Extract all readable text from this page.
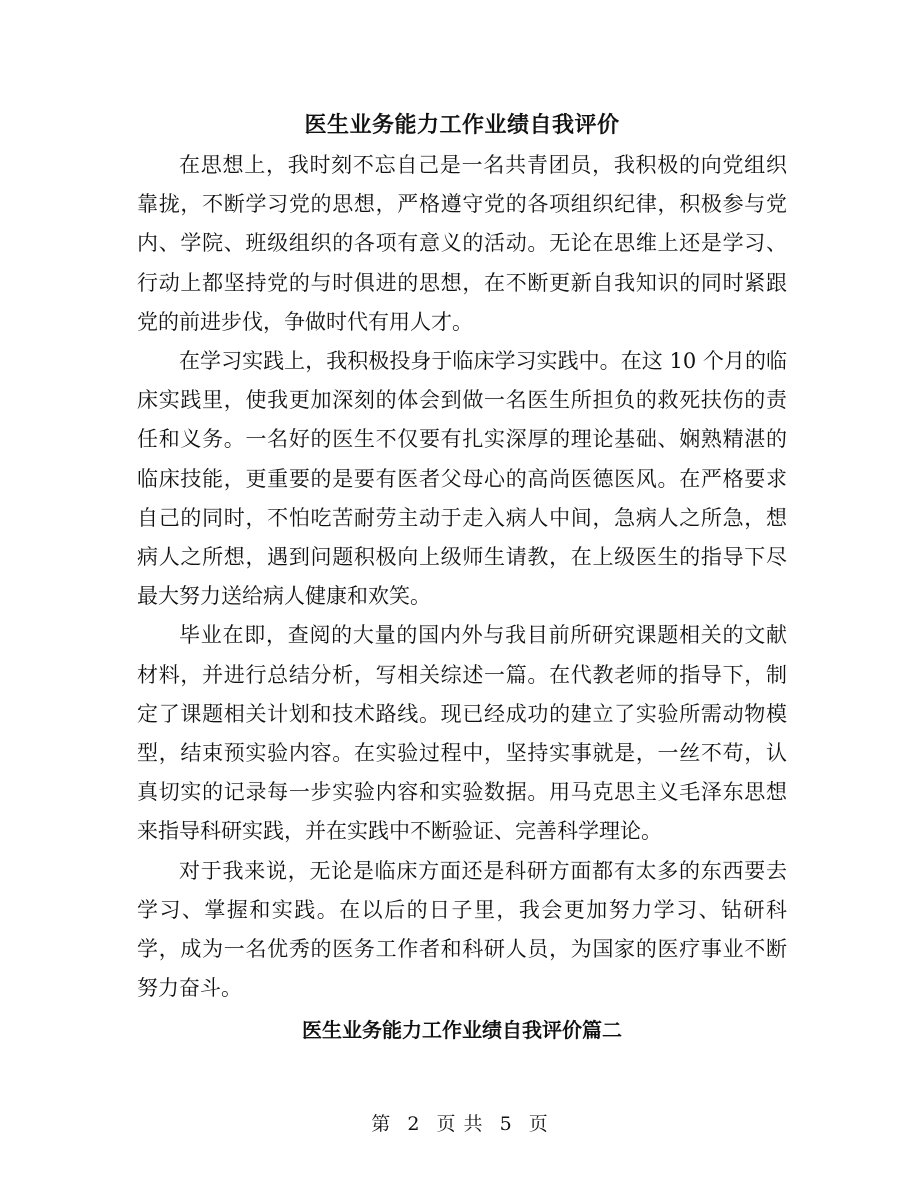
医生业务能力工作业绩自我评价

在思想上，我时刻不忘自己是一名共青团员，我积极的向党组织靠拢，不断学习党的思想，严格遵守党的各项组织纪律，积极参与党内、学院、班级组织的各项有意义的活动。无论在思维上还是学习、行动上都坚持党的与时俱进的思想，在不断更新自我知识的同时紧跟党的前进步伐，争做时代有用人才。

在学习实践上，我积极投身于临床学习实践中。在这 10 个月的临床实践里，使我更加深刻的体会到做一名医生所担负的救死扶伤的责任和义务。一名好的医生不仅要有扎实深厚的理论基础、娴熟精湛的临床技能，更重要的是要有医者父母心的高尚医德医风。在严格要求自己的同时，不怕吃苦耐劳主动于走入病人中间，急病人之所急，想病人之所想，遇到问题积极向上级师生请教，在上级医生的指导下尽最大努力送给病人健康和欢笑。

毕业在即，查阅的大量的国内外与我目前所研究课题相关的文献材料，并进行总结分析，写相关综述一篇。在代教老师的指导下，制定了课题相关计划和技术路线。现已经成功的建立了实验所需动物模型，结束预实验内容。在实验过程中，坚持实事就是，一丝不苟，认真切实的记录每一步实验内容和实验数据。用马克思主义毛泽东思想来指导科研实践，并在实践中不断验证、完善科学理论。

对于我来说，无论是临床方面还是科研方面都有太多的东西要去学习、掌握和实践。在以后的日子里，我会更加努力学习、钻研科学，成为一名优秀的医务工作者和科研人员，为国家的医疗事业不断努力奋斗。

医生业务能力工作业绩自我评价篇二
第 2 页 共 5 页
